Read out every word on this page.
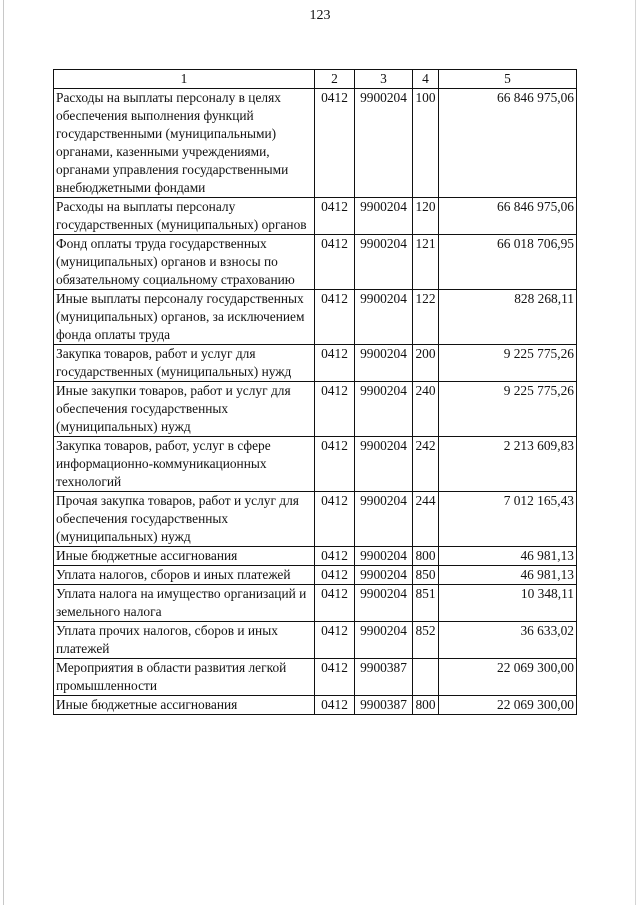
123
1	2	3	4	5
Расходы на выплаты персоналу в целях обеспечения выполнения функций государственными (муниципальными) органами, казенными учреждениями, органами управления государственными внебюджетными фондами	0412	9900204	100	66 846 975,06
Расходы на выплаты персоналу государственных (муниципальных) органов	0412	9900204	120	66 846 975,06
Фонд оплаты труда государственных (муниципальных) органов и взносы по обязательному социальному страхованию	0412	9900204	121	66 018 706,95
Иные выплаты персоналу государственных (муниципальных) органов, за исключением фонда оплаты труда	0412	9900204	122	828 268,11
Закупка товаров, работ и услуг для государственных (муниципальных) нужд	0412	9900204	200	9 225 775,26
Иные закупки товаров, работ и услуг для обеспечения государственных (муниципальных) нужд	0412	9900204	240	9 225 775,26
Закупка товаров, работ, услуг в сфере информационно-коммуникационных технологий	0412	9900204	242	2 213 609,83
Прочая закупка товаров, работ и услуг для обеспечения государственных (муниципальных) нужд	0412	9900204	244	7 012 165,43
Иные бюджетные ассигнования	0412	9900204	800	46 981,13
Уплата налогов, сборов и иных платежей	0412	9900204	850	46 981,13
Уплата налога на имущество организаций и земельного налога	0412	9900204	851	10 348,11
Уплата прочих налогов, сборов и иных платежей	0412	9900204	852	36 633,02
Мероприятия в области развития легкой промышленности	0412	9900387		22 069 300,00
Иные бюджетные ассигнования	0412	9900387	800	22 069 300,00
